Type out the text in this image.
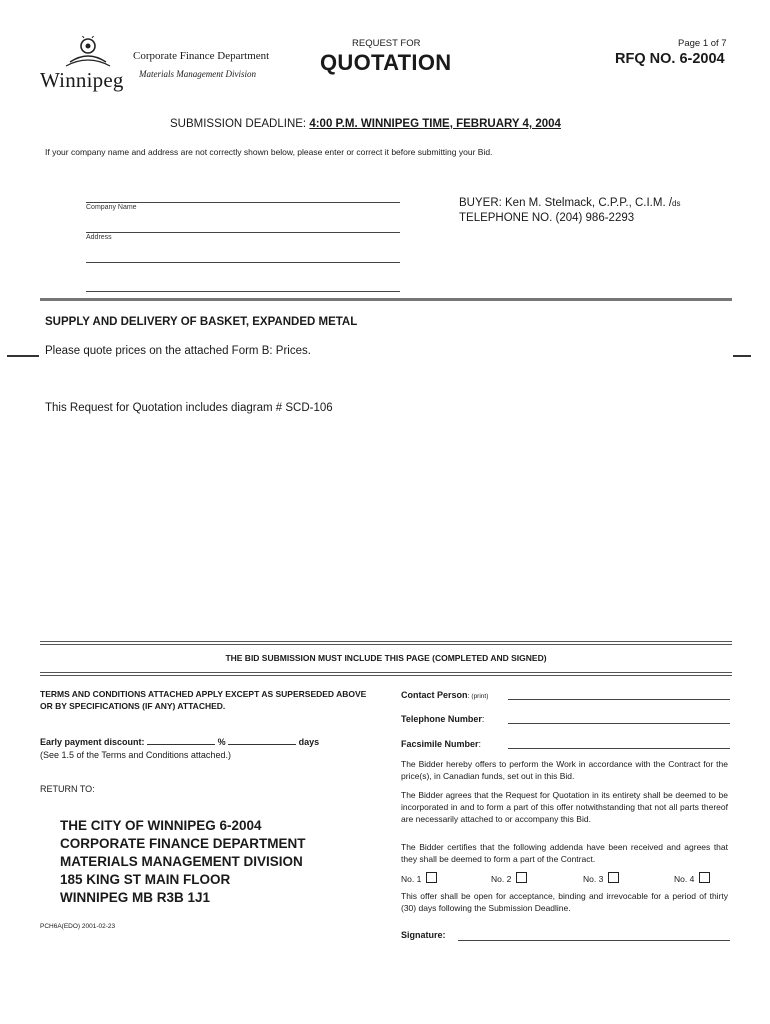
Winnipeg
Corporate Finance Department
Materials Management Division
REQUEST FOR
QUOTATION
Page 1 of 7
RFQ NO. 6-2004
SUBMISSION DEADLINE: 4:00 P.M. WINNIPEG TIME, FEBRUARY 4, 2004
If your company name and address are not correctly shown below, please enter or correct it before submitting your Bid.
Company Name
Address
BUYER: Ken M. Stelmack, C.P.P., C.I.M. /ds
TELEPHONE NO. (204) 986-2293
SUPPLY AND DELIVERY OF BASKET, EXPANDED METAL
Please quote prices on the attached Form B: Prices.
This Request for Quotation includes diagram # SCD-106
THE BID SUBMISSION MUST INCLUDE THIS PAGE (COMPLETED AND SIGNED)
TERMS AND CONDITIONS ATTACHED APPLY EXCEPT AS SUPERSEDED ABOVE OR BY SPECIFICATIONS (IF ANY) ATTACHED.
Early payment discount:	%	days
(See 1.5 of the Terms and Conditions attached.)
RETURN TO:
THE CITY OF WINNIPEG 6-2004
CORPORATE FINANCE DEPARTMENT
MATERIALS MANAGEMENT DIVISION
185 KING ST MAIN FLOOR
WINNIPEG MB R3B 1J1
PCH6A(EDO) 2001-02-23
Contact Person: (print)
Telephone Number:
Facsimile Number:
The Bidder hereby offers to perform the Work in accordance with the Contract for the price(s), in Canadian funds, set out in this Bid.
The Bidder agrees that the Request for Quotation in its entirety shall be deemed to be incorporated in and to form a part of this offer notwithstanding that not all parts thereof are necessarily attached to or accompany this Bid.
The Bidder certifies that the following addenda have been received and agrees that they shall be deemed to form a part of the Contract.
No. 1	No. 2	No. 3	No. 4
This offer shall be open for acceptance, binding and irrevocable for a period of thirty (30) days following the Submission Deadline.
Signature:
